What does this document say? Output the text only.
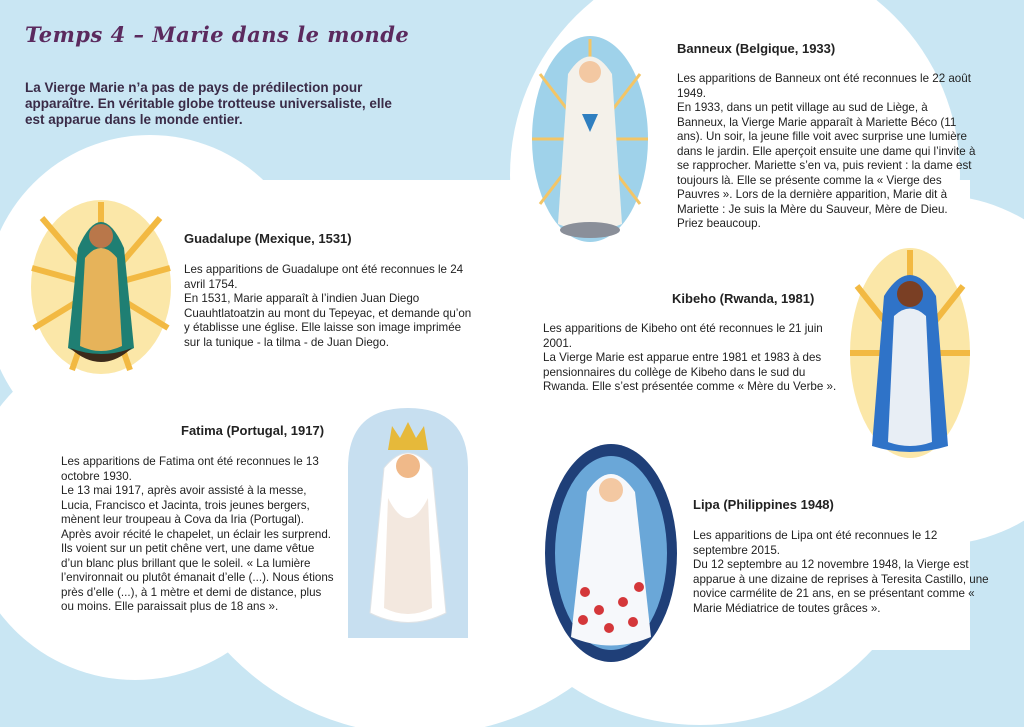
Temps 4 – Marie dans le monde
La Vierge Marie n’a pas de pays de prédilection pour apparaître. En véritable globe trotteuse universaliste, elle est apparue dans le monde entier.
Guadalupe (Mexique, 1531)

Les apparitions de Guadalupe ont été reconnues le 24 avril 1754.

En 1531, Marie apparaît à l’indien Juan Diego Cuauhtlatoatzin au mont du Tepeyac, et demande qu’on y établisse une église. Elle laisse son image imprimée sur la tunique - la tilma - de Juan Diego.

Banneux (Belgique, 1933)

Les apparitions de Banneux ont été reconnues le 22 août 1949.

En 1933, dans un petit village au sud de Liège, à Banneux, la Vierge Marie apparaît à Mariette Béco (11 ans). Un soir, la jeune fille voit avec surprise une lumière dans le jardin. Elle aperçoit ensuite une dame qui l’invite à se rapprocher. Mariette s’en va, puis revient : la dame est toujours là. Elle se présente comme la « Vierge des Pauvres ». Lors de la dernière apparition, Marie dit à Mariette : Je suis la Mère du Sauveur, Mère de Dieu. Priez beaucoup.

Kibeho (Rwanda, 1981)

Les apparitions de Kibeho ont été reconnues le 21 juin 2001.

La Vierge Marie est apparue entre 1981 et 1983 à des pensionnaires du collège de Kibeho dans le sud du Rwanda. Elle s’est présentée comme « Mère du Verbe ».

Fatima (Portugal, 1917)

Les apparitions de Fatima ont été reconnues le 13 octobre 1930.

Le 13 mai 1917, après avoir assisté à la messe, Lucia, Francisco et Jacinta, trois jeunes bergers, mènent leur troupeau à Cova da Iria (Portugal). Après avoir récité le chapelet, un éclair les surprend. Ils voient sur un petit chêne vert, une dame vêtue d’un blanc plus brillant que le soleil. « La lumière l’environnait ou plutôt émanait d’elle (...). Nous étions près d’elle (...), à 1 mètre et demi de distance, plus ou moins. Elle paraissait plus de 18 ans ».

Lipa (Philippines 1948)

Les apparitions de Lipa ont été reconnues le 12 septembre 2015.

Du 12 septembre au 12 novembre 1948, la Vierge est apparue à une dizaine de reprises à Teresita Castillo, une novice carmélite de 21 ans, en se présentant comme « Marie Médiatrice de toutes grâces ».
